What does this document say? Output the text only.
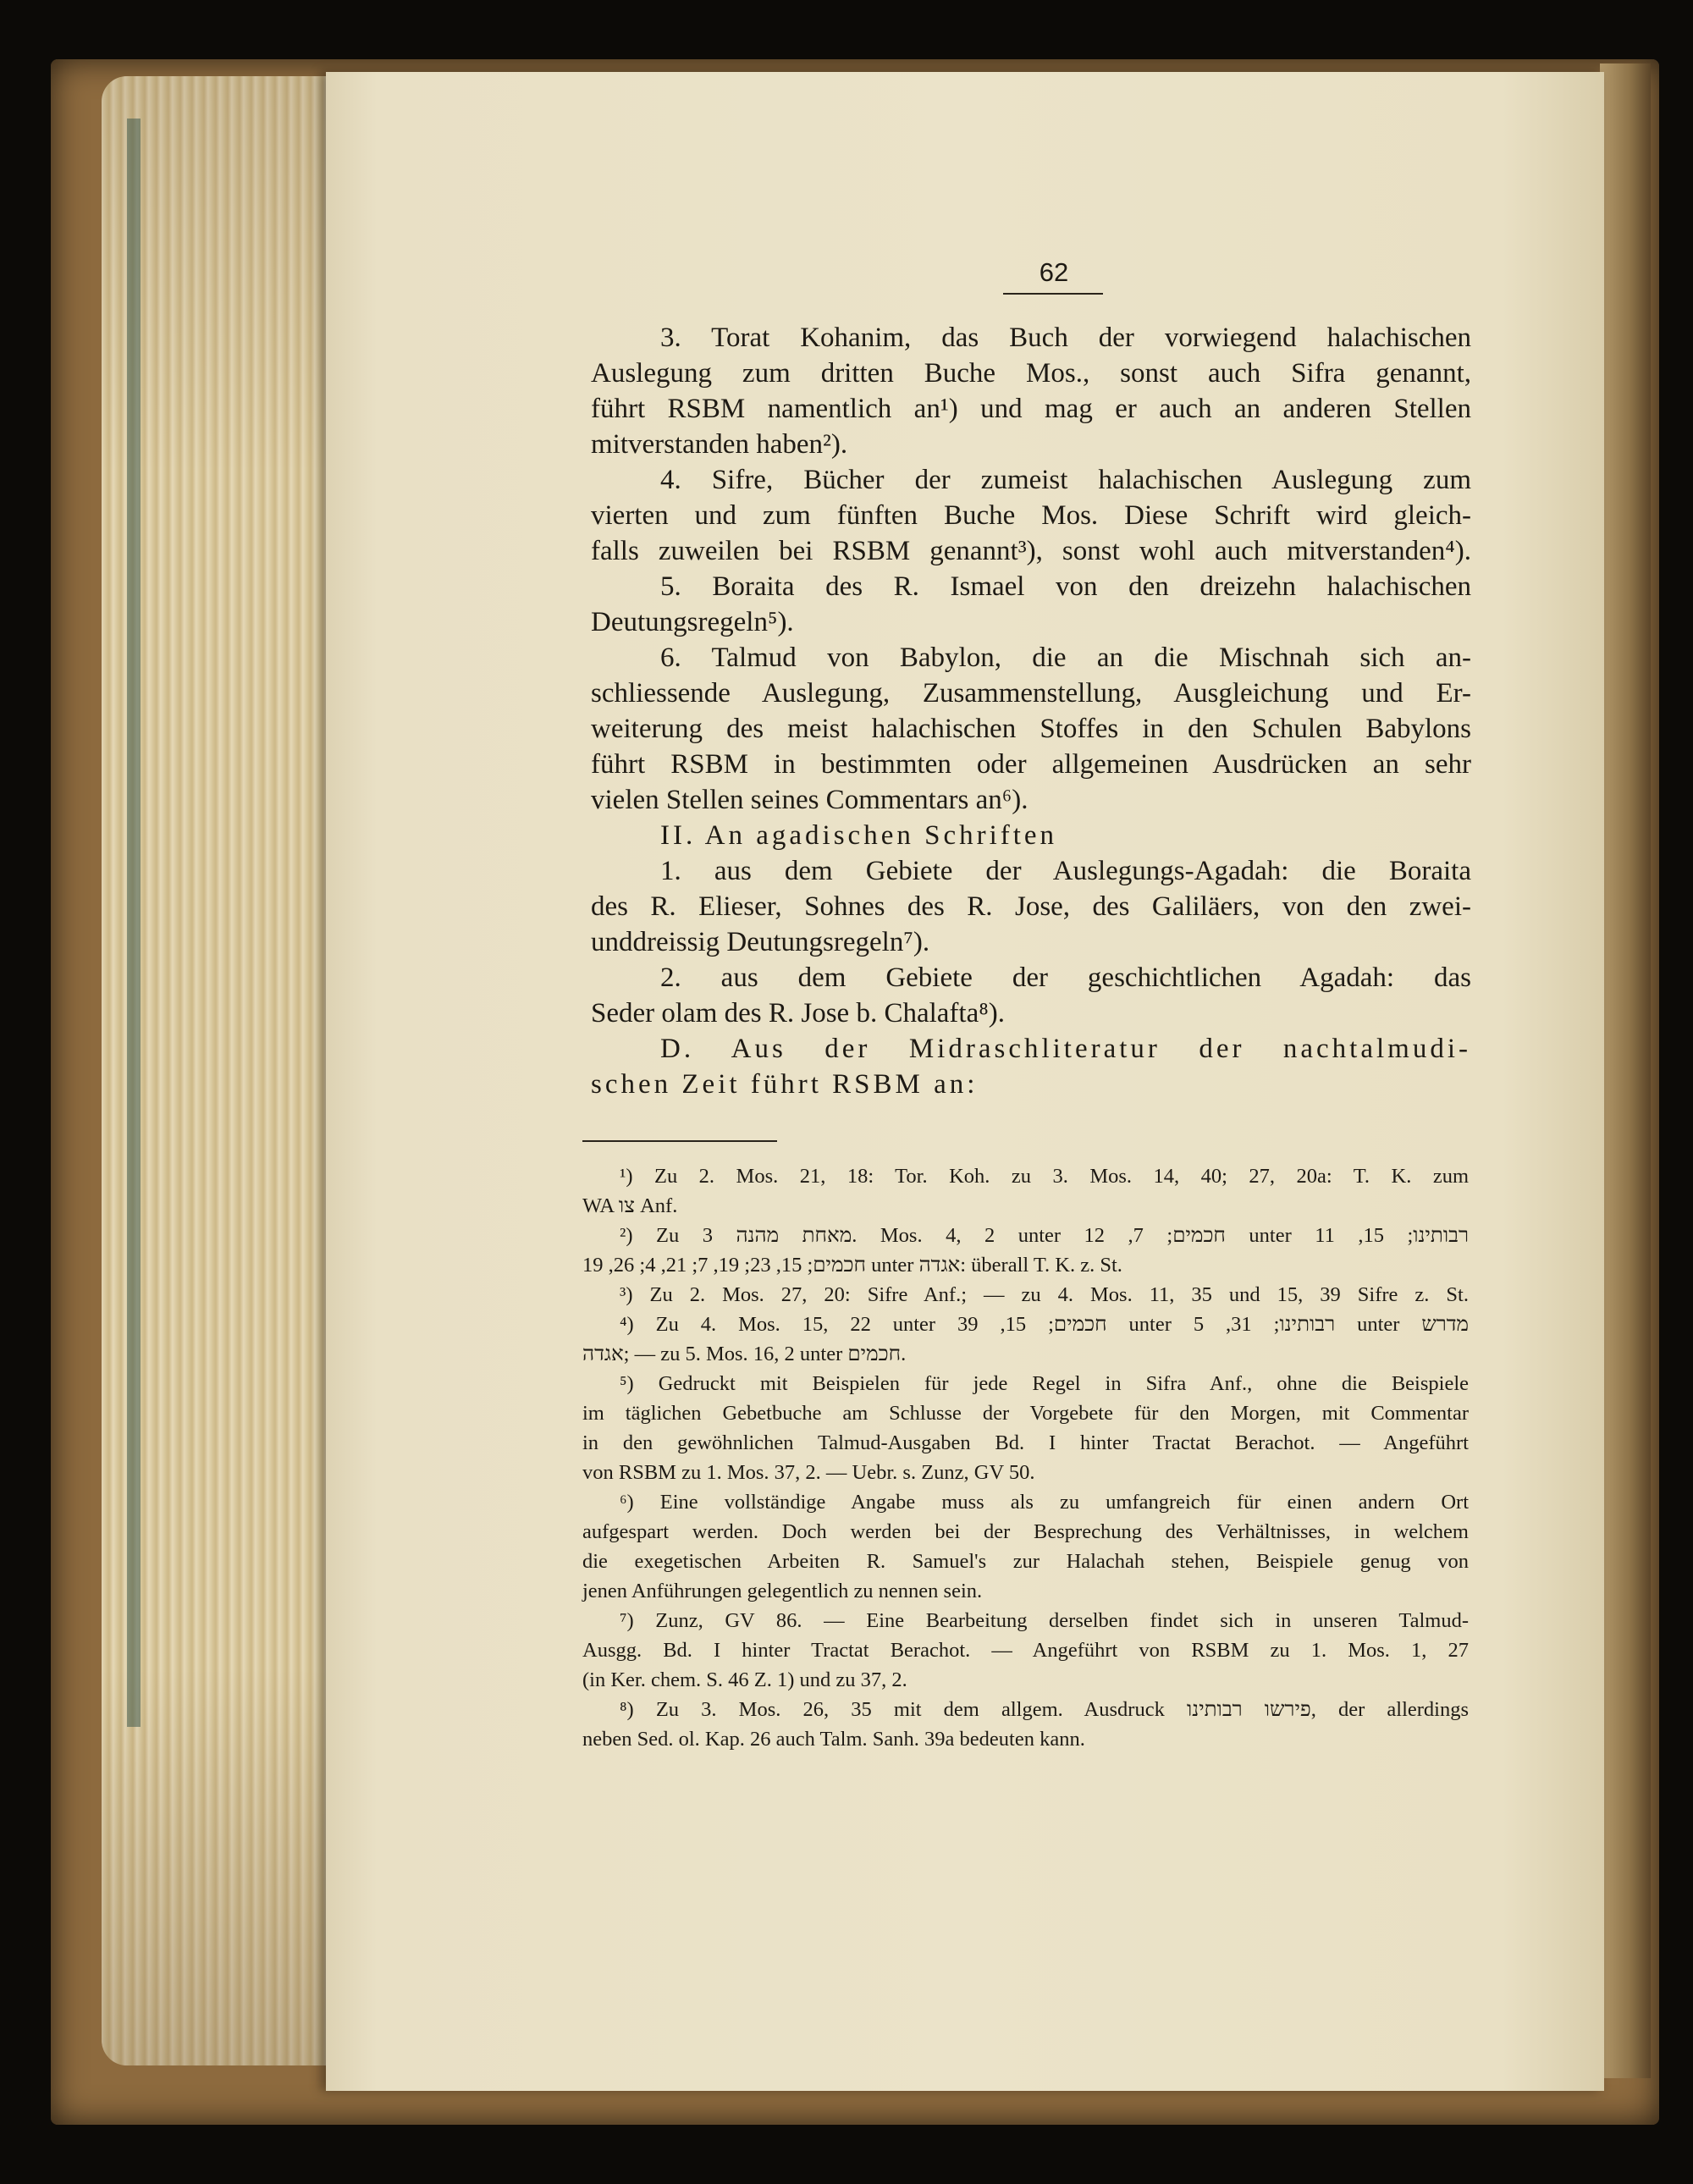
62

3. Torat Kohanim, das Buch der vorwiegend halachischen
Auslegung zum dritten Buche Mos., sonst auch Sifra genannt,
führt RSBM namentlich an¹) und mag er auch an anderen Stellen
mitverstanden haben²).

4. Sifre, Bücher der zumeist halachischen Auslegung zum
vierten und zum fünften Buche Mos. Diese Schrift wird gleich-
falls zuweilen bei RSBM genannt³), sonst wohl auch mitverstanden⁴).

5. Boraita des R. Ismael von den dreizehn halachischen
Deutungsregeln⁵).

6. Talmud von Babylon, die an die Mischnah sich an-
schliessende Auslegung, Zusammenstellung, Ausgleichung und Er-
weiterung des meist halachischen Stoffes in den Schulen Babylons
führt RSBM in bestimmten oder allgemeinen Ausdrücken an sehr
vielen Stellen seines Commentars an⁶).

II. An agadischen Schriften

1. aus dem Gebiete der Auslegungs-Agadah: die Boraita
des R. Elieser, Sohnes des R. Jose, des Galiläers, von den zwei-
unddreissig Deutungsregeln⁷).

2. aus dem Gebiete der geschichtlichen Agadah: das
Seder olam des R. Jose b. Chalafta⁸).

D. Aus der Midraschliteratur der nachtalmudi-
schen Zeit führt RSBM an:

¹) Zu 2. Mos. 21, 18: Tor. Koh. zu 3. Mos. 14, 40; 27, 20a: T. K. zum
WA צו Anf.
²) Zu מאחת מהנה 3. Mos. 4, 2 unter חכמים; 7, 12 unter רבותינו; 15, 11
חכמים; 15, 23; 19, 7; 21, 4; 26, 19 unter אגדה: überall T. K. z. St.
³) Zu 2. Mos. 27, 20: Sifre Anf.; — zu 4. Mos. 11, 35 und 15, 39 Sifre z. St.
⁴) Zu 4. Mos. 15, 22 unter חכמים; 15, 39 unter רבותינו; 31, 5 unter מדרש
אגדה; — zu 5. Mos. 16, 2 unter חכמים.
⁵) Gedruckt mit Beispielen für jede Regel in Sifra Anf., ohne die Beispiele
im täglichen Gebetbuche am Schlusse der Vorgebete für den Morgen, mit Commentar
in den gewöhnlichen Talmud-Ausgaben Bd. I hinter Tractat Berachot. — Angeführt
von RSBM zu 1. Mos. 37, 2. — Uebr. s. Zunz, GV 50.
⁶) Eine vollständige Angabe muss als zu umfangreich für einen andern Ort
aufgespart werden. Doch werden bei der Besprechung des Verhältnisses, in welchem
die exegetischen Arbeiten R. Samuel's zur Halachah stehen, Beispiele genug von
jenen Anführungen gelegentlich zu nennen sein.
⁷) Zunz, GV 86. — Eine Bearbeitung derselben findet sich in unseren Talmud-
Ausgg. Bd. I hinter Tractat Berachot. — Angeführt von RSBM zu 1. Mos. 1, 27
(in Ker. chem. S. 46 Z. 1) und zu 37, 2.
⁸) Zu 3. Mos. 26, 35 mit dem allgem. Ausdruck פירשו רבותינו, der allerdings
neben Sed. ol. Kap. 26 auch Talm. Sanh. 39a bedeuten kann.
